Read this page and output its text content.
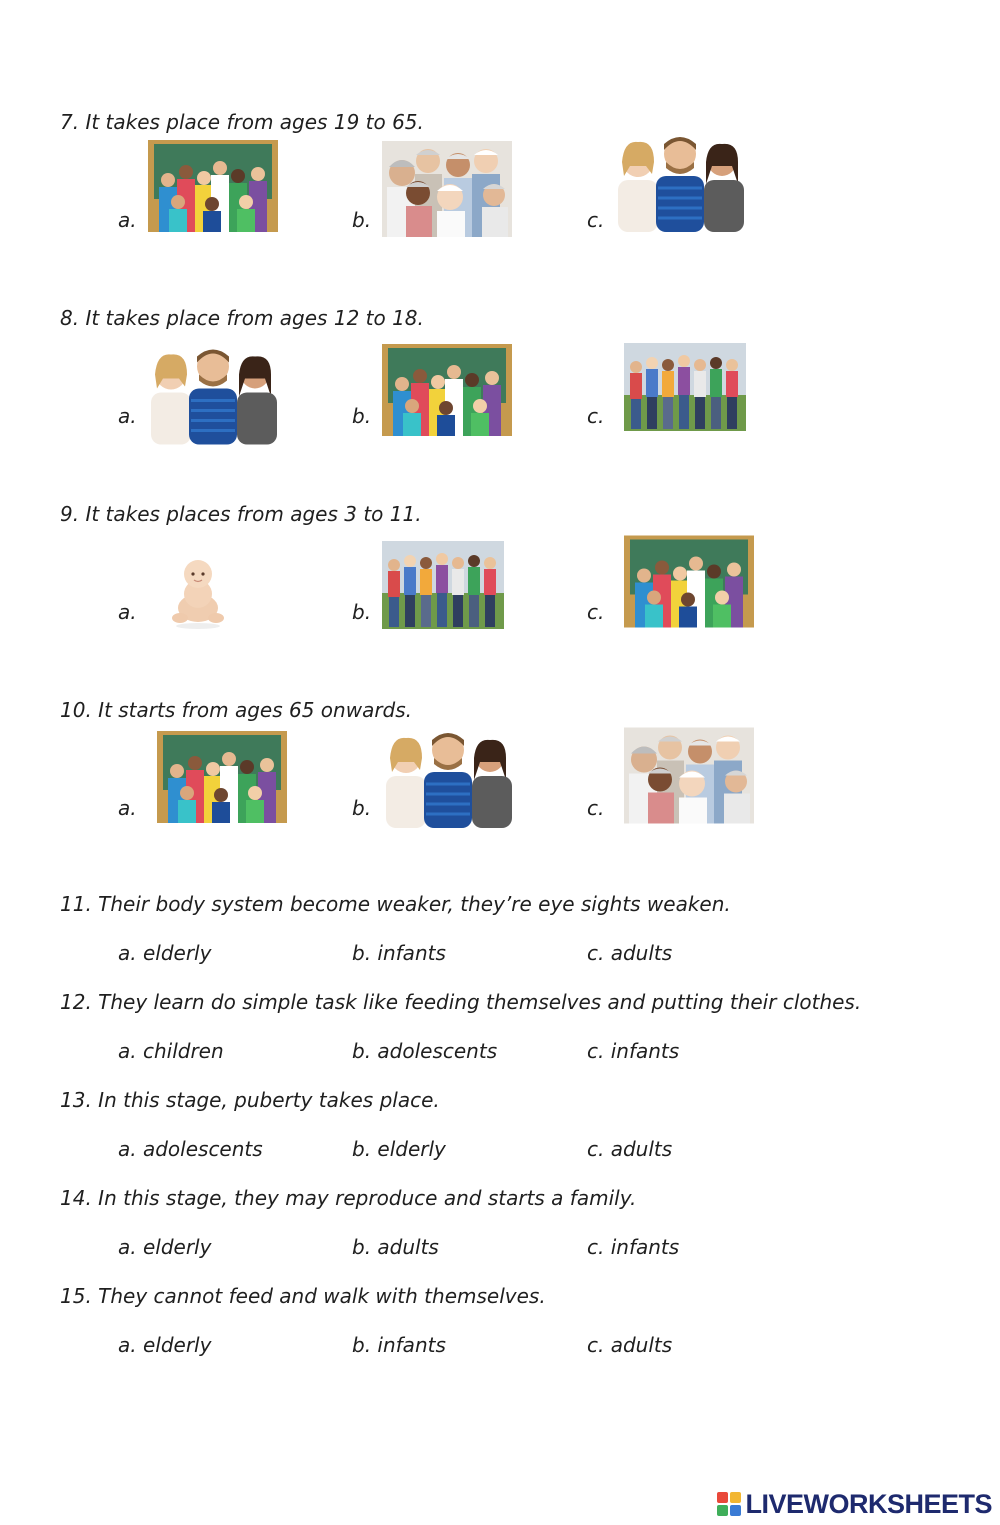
7. It takes place from ages 19 to 65.
a.	b.	c.
8. It takes place from ages 12 to 18.
a.	b.	c.
9. It takes places from ages 3 to 11.
a.	b.	c.
10. It starts from ages 65 onwards.
a.	b.	c.
11. Their body system become weaker, they’re eye sights weaken.
a. elderly	b. infants	c. adults
12. They learn do simple task like feeding themselves and putting their clothes.
a. children	b. adolescents	c. infants
13. In this stage, puberty takes place.
a. adolescents	b. elderly	c. adults
14. In this stage, they may reproduce and starts a family.
a. elderly	b. adults	c. infants
15. They cannot feed and walk with themselves.
a. elderly	b. infants	c. adults
LIVEWORKSHEETS
